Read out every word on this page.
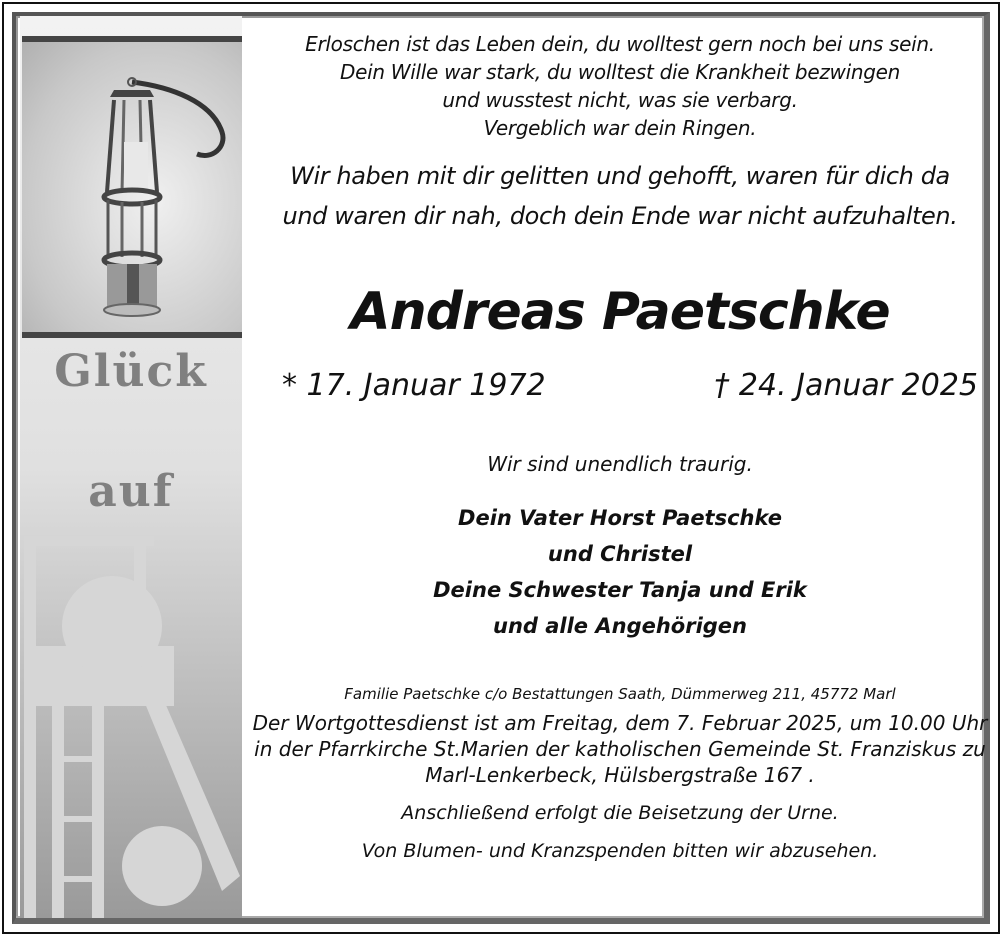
Glück
auf
Erloschen ist das Leben dein, du wolltest gern noch bei uns sein.
Dein Wille war stark, du wolltest die Krankheit bezwingen
und wusstest nicht, was sie verbarg.
Vergeblich war dein Ringen.
Wir haben mit dir gelitten und gehofft, waren für dich da
und waren dir nah, doch dein Ende war nicht aufzuhalten.
Andreas Paetschke
* 17. Januar 1972	† 24. Januar 2025
Wir sind unendlich traurig.
Dein Vater Horst Paetschke
und Christel
Deine Schwester Tanja und Erik
und alle Angehörigen
Familie Paetschke c/o Bestattungen Saath, Dümmerweg 211, 45772 Marl
Der Wortgottesdienst ist am Freitag, dem 7. Februar 2025, um 10.00 Uhr
in der Pfarrkirche St.Marien der katholischen Gemeinde St. Franziskus zu
Marl-Lenkerbeck, Hülsbergstraße 167 .
Anschließend erfolgt die Beisetzung der Urne.
Von Blumen- und Kranzspenden bitten wir abzusehen.
